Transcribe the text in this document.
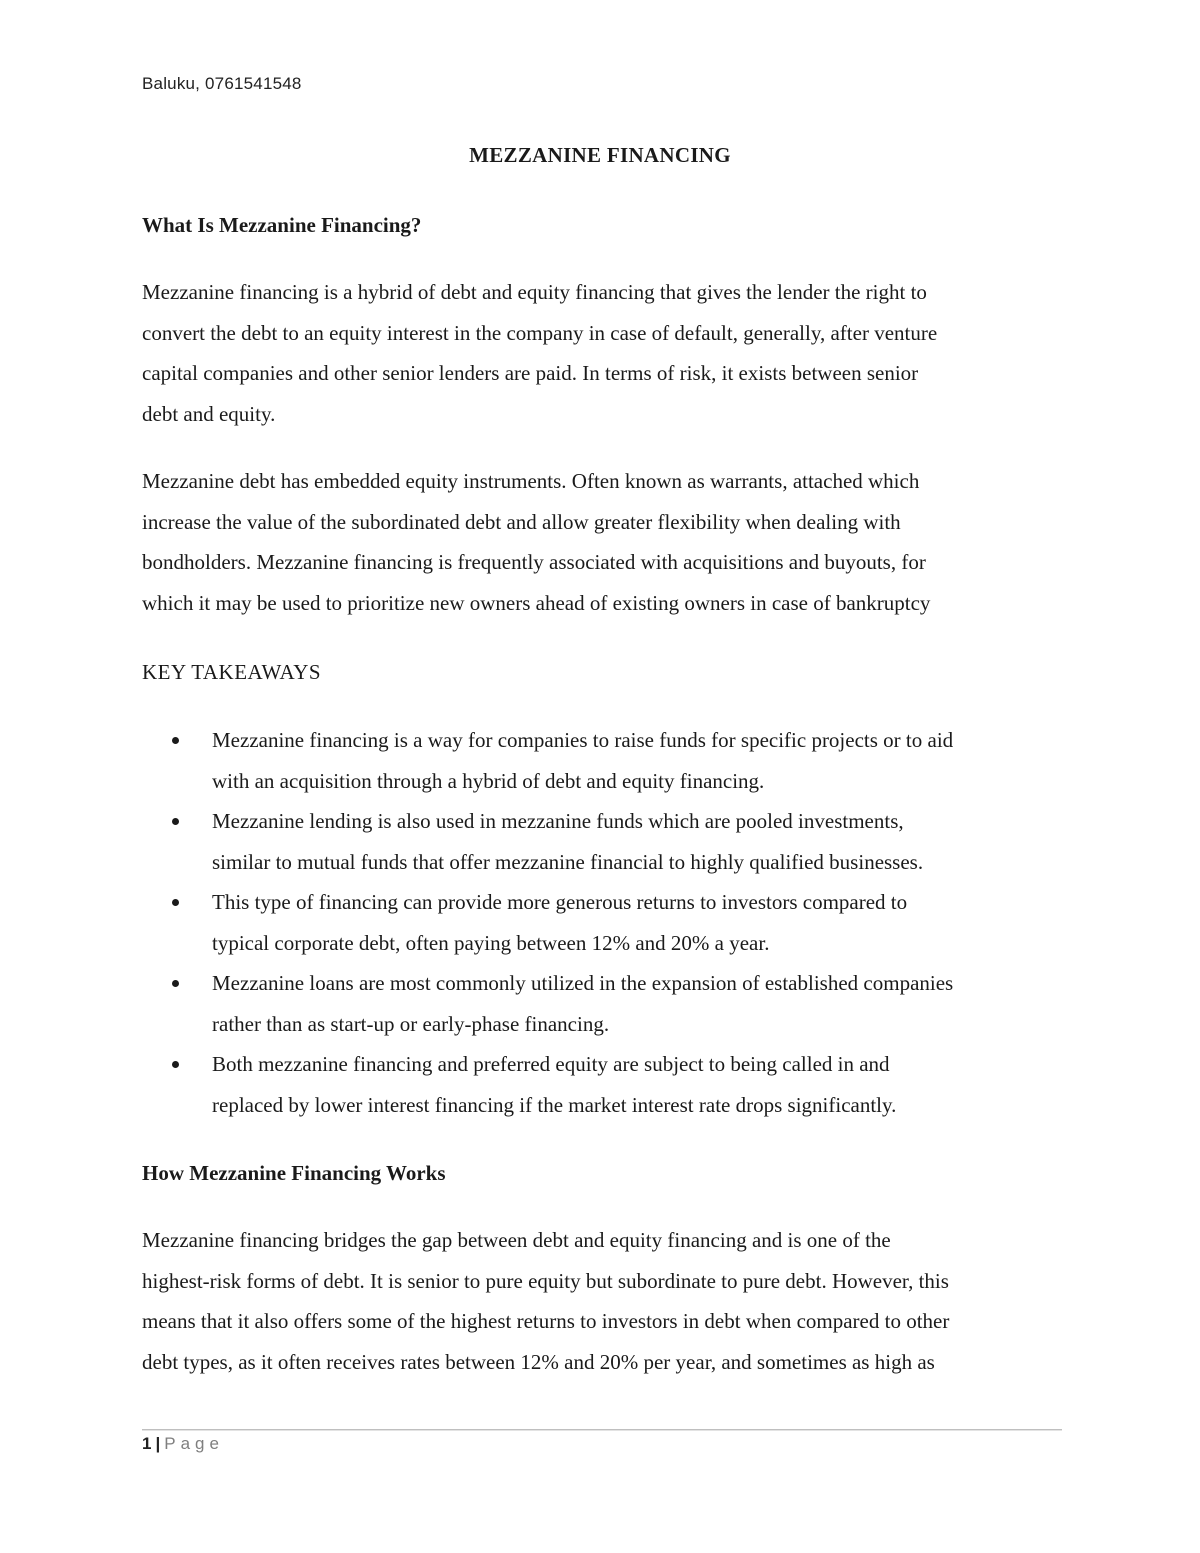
Baluku, 0761541548
MEZZANINE FINANCING
What Is Mezzanine Financing?

Mezzanine financing is a hybrid of debt and equity financing that gives the lender the right to
convert the debt to an equity interest in the company in case of default, generally, after venture
capital companies and other senior lenders are paid. In terms of risk, it exists between senior
debt and equity.

Mezzanine debt has embedded equity instruments. Often known as warrants, attached which
increase the value of the subordinated debt and allow greater flexibility when dealing with
bondholders. Mezzanine financing is frequently associated with acquisitions and buyouts, for
which it may be used to prioritize new owners ahead of existing owners in case of bankruptcy

KEY TAKEAWAYS
Mezzanine financing is a way for companies to raise funds for specific projects or to aid
with an acquisition through a hybrid of debt and equity financing.
Mezzanine lending is also used in mezzanine funds which are pooled investments,
similar to mutual funds that offer mezzanine financial to highly qualified businesses.
This type of financing can provide more generous returns to investors compared to
typical corporate debt, often paying between 12% and 20% a year.
Mezzanine loans are most commonly utilized in the expansion of established companies
rather than as start-up or early-phase financing.
Both mezzanine financing and preferred equity are subject to being called in and
replaced by lower interest financing if the market interest rate drops significantly.
How Mezzanine Financing Works

Mezzanine financing bridges the gap between debt and equity financing and is one of the
highest-risk forms of debt. It is senior to pure equity but subordinate to pure debt. However, this
means that it also offers some of the highest returns to investors in debt when compared to other
debt types, as it often receives rates between 12% and 20% per year, and sometimes as high as

1 | Page
